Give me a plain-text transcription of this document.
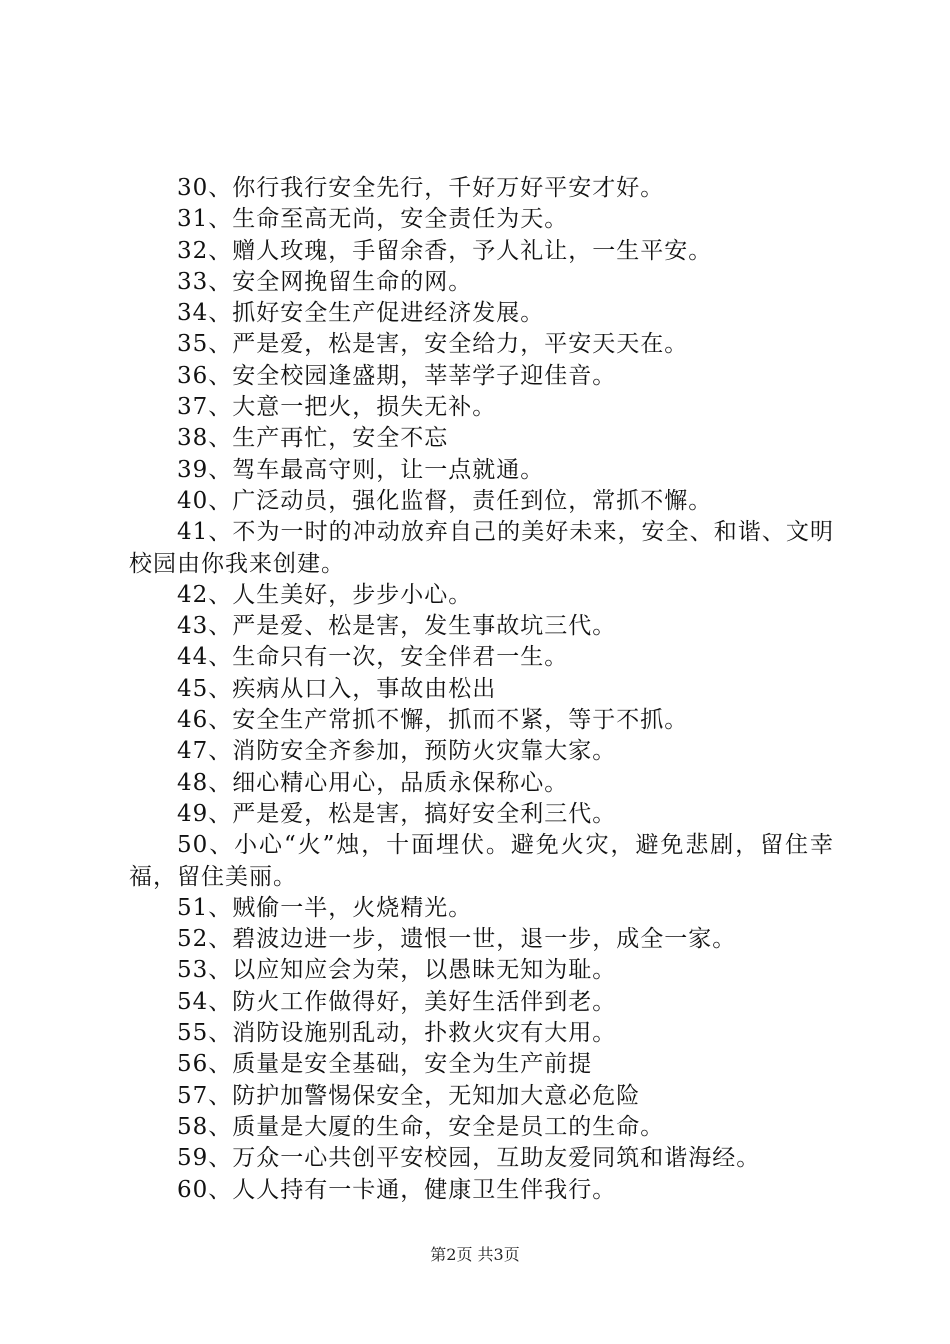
30、你行我行安全先行，千好万好平安才好。
31、生命至高无尚，安全责任为天。
32、赠人玫瑰，手留余香，予人礼让，一生平安。
33、安全网挽留生命的网。
34、抓好安全生产促进经济发展。
35、严是爱，松是害，安全给力，平安天天在。
36、安全校园逢盛期，莘莘学子迎佳音。
37、大意一把火，损失无补。
38、生产再忙，安全不忘
39、驾车最高守则，让一点就通。
40、广泛动员，强化监督，责任到位，常抓不懈。
41、不为一时的冲动放弃自己的美好未来，安全、和谐、文明校园由你我来创建。
42、人生美好，步步小心。
43、严是爱、松是害，发生事故坑三代。
44、生命只有一次，安全伴君一生。
45、疾病从口入，事故由松出
46、安全生产常抓不懈，抓而不紧，等于不抓。
47、消防安全齐参加，预防火灾靠大家。
48、细心精心用心，品质永保称心。
49、严是爱，松是害，搞好安全利三代。
50、小心“火”烛，十面埋伏。避免火灾，避免悲剧，留住幸福，留住美丽。
51、贼偷一半，火烧精光。
52、碧波边进一步，遗恨一世，退一步，成全一家。
53、以应知应会为荣，以愚昧无知为耻。
54、防火工作做得好，美好生活伴到老。
55、消防设施别乱动，扑救火灾有大用。
56、质量是安全基础，安全为生产前提
57、防护加警惕保安全，无知加大意必危险
58、质量是大厦的生命，安全是员工的生命。
59、万众一心共创平安校园，互助友爱同筑和谐海经。
60、人人持有一卡通，健康卫生伴我行。
第2页 共3页
